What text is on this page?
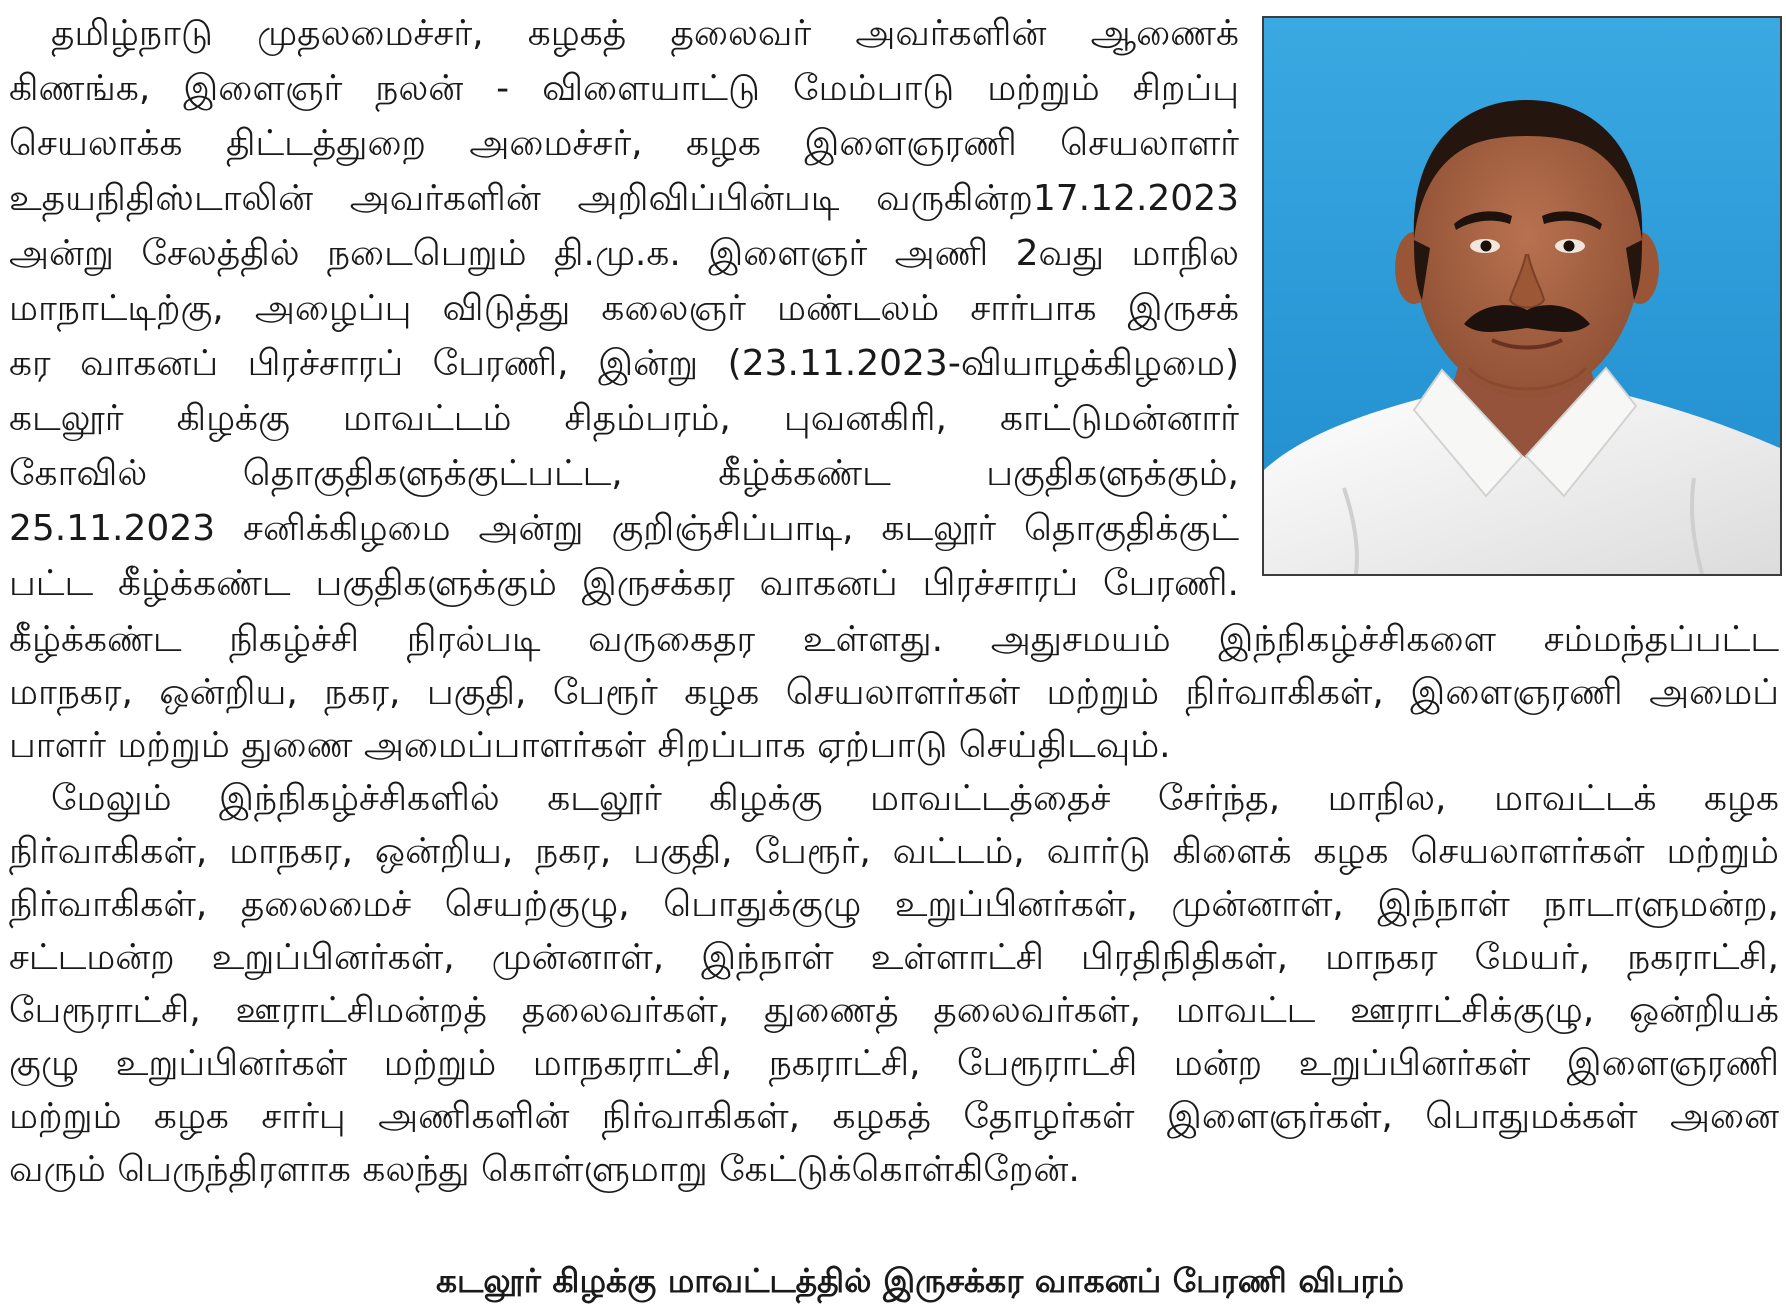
தமிழ்நாடு முதலமைச்சர், கழகத் தலைவர் அவர்களின் ஆணைக்
கிணங்க, இளைஞர் நலன் - விளையாட்டு மேம்பாடு மற்றும் சிறப்பு
செயலாக்க திட்டத்துறை அமைச்சர், கழக இளைஞரணி செயலாளர்
உதயநிதிஸ்டாலின் அவர்களின் அறிவிப்பின்படி வருகின்ற17.12.2023
அன்று சேலத்தில் நடைபெறும் தி.மு.க. இளைஞர் அணி 2வது மாநில
மாநாட்டிற்கு, அழைப்பு விடுத்து கலைஞர் மண்டலம் சார்பாக இருசக்
கர வாகனப் பிரச்சாரப் பேரணி, இன்று (23.11.2023-வியாழக்கிழமை)
கடலூர் கிழக்கு மாவட்டம் சிதம்பரம், புவனகிரி, காட்டுமன்னார்
கோவில் தொகுதிகளுக்குட்பட்ட, கீழ்க்கண்ட பகுதிகளுக்கும்,
25.11.2023 சனிக்கிழமை அன்று குறிஞ்சிப்பாடி, கடலூர் தொகுதிக்குட்
பட்ட கீழ்க்கண்ட பகுதிகளுக்கும் இருசக்கர வாகனப் பிரச்சாரப் பேரணி.
கீழ்க்கண்ட நிகழ்ச்சி நிரல்படி வருகைதர உள்ளது. அதுசமயம் இந்நிகழ்ச்சிகளை சம்மந்தப்பட்ட
மாநகர, ஒன்றிய, நகர, பகுதி, பேரூர் கழக செயலாளர்கள் மற்றும் நிர்வாகிகள், இளைஞரணி அமைப்
பாளர் மற்றும் துணை அமைப்பாளர்கள் சிறப்பாக ஏற்பாடு செய்திடவும்.
மேலும் இந்நிகழ்ச்சிகளில் கடலூர் கிழக்கு மாவட்டத்தைச் சேர்ந்த, மாநில, மாவட்டக் கழக
நிர்வாகிகள், மாநகர, ஒன்றிய, நகர, பகுதி, பேரூர், வட்டம், வார்டு கிளைக் கழக செயலாளர்கள் மற்றும்
நிர்வாகிகள், தலைமைச் செயற்குழு, பொதுக்குழு உறுப்பினர்கள், முன்னாள், இந்நாள் நாடாளுமன்ற,
சட்டமன்ற உறுப்பினர்கள், முன்னாள், இந்நாள் உள்ளாட்சி பிரதிநிதிகள், மாநகர மேயர், நகராட்சி,
பேரூராட்சி, ஊராட்சிமன்றத் தலைவர்கள், துணைத் தலைவர்கள், மாவட்ட ஊராட்சிக்குழு, ஒன்றியக்
குழு உறுப்பினர்கள் மற்றும் மாநகராட்சி, நகராட்சி, பேரூராட்சி மன்ற உறுப்பினர்கள் இளைஞரணி
மற்றும் கழக சார்பு அணிகளின் நிர்வாகிகள், கழகத் தோழர்கள் இளைஞர்கள், பொதுமக்கள் அனை
வரும் பெருந்திரளாக கலந்து கொள்ளுமாறு கேட்டுக்கொள்கிறேன்.
கடலூர் கிழக்கு மாவட்டத்தில் இருசக்கர வாகனப் பேரணி விபரம்
